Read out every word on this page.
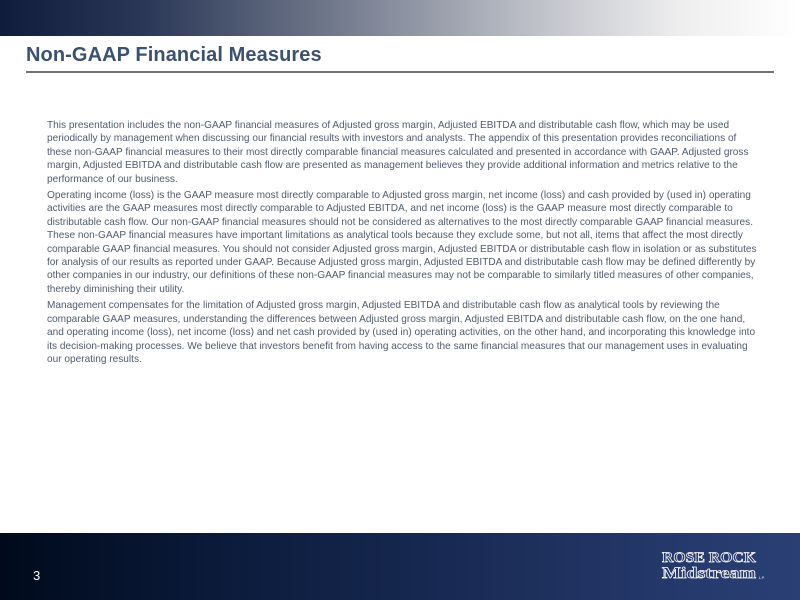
Non-GAAP Financial Measures

This presentation includes the non-GAAP financial measures of Adjusted gross margin, Adjusted EBITDA and distributable cash flow, which may be used periodically by management when discussing our financial results with investors and analysts. The appendix of this presentation provides reconciliations of these non-GAAP financial measures to their most directly comparable financial measures calculated and presented in accordance with GAAP. Adjusted gross margin, Adjusted EBITDA and distributable cash flow are presented as management believes they provide additional information and metrics relative to the performance of our business.

Operating income (loss) is the GAAP measure most directly comparable to Adjusted gross margin, net income (loss) and cash provided by (used in) operating activities are the GAAP measures most directly comparable to Adjusted EBITDA, and net income (loss) is the GAAP measure most directly comparable to distributable cash flow. Our non-GAAP financial measures should not be considered as alternatives to the most directly comparable GAAP financial measures. These non-GAAP financial measures have important limitations as analytical tools because they exclude some, but not all, items that affect the most directly comparable GAAP financial measures. You should not consider Adjusted gross margin, Adjusted EBITDA or distributable cash flow in isolation or as substitutes for analysis of our results as reported under GAAP. Because Adjusted gross margin, Adjusted EBITDA and distributable cash flow may be defined differently by other companies in our industry, our definitions of these non-GAAP financial measures may not be comparable to similarly titled measures of other companies, thereby diminishing their utility.

Management compensates for the limitation of Adjusted gross margin, Adjusted EBITDA and distributable cash flow as analytical tools by reviewing the comparable GAAP measures, understanding the differences between Adjusted gross margin, Adjusted EBITDA and distributable cash flow, on the one hand, and operating income (loss), net income (loss) and net cash provided by (used in) operating activities, on the other hand, and incorporating this knowledge into its decision-making processes. We believe that investors benefit from having access to the same financial measures that our management uses in evaluating our operating results.

3
ROSE ROCK
Midstream L.P.
